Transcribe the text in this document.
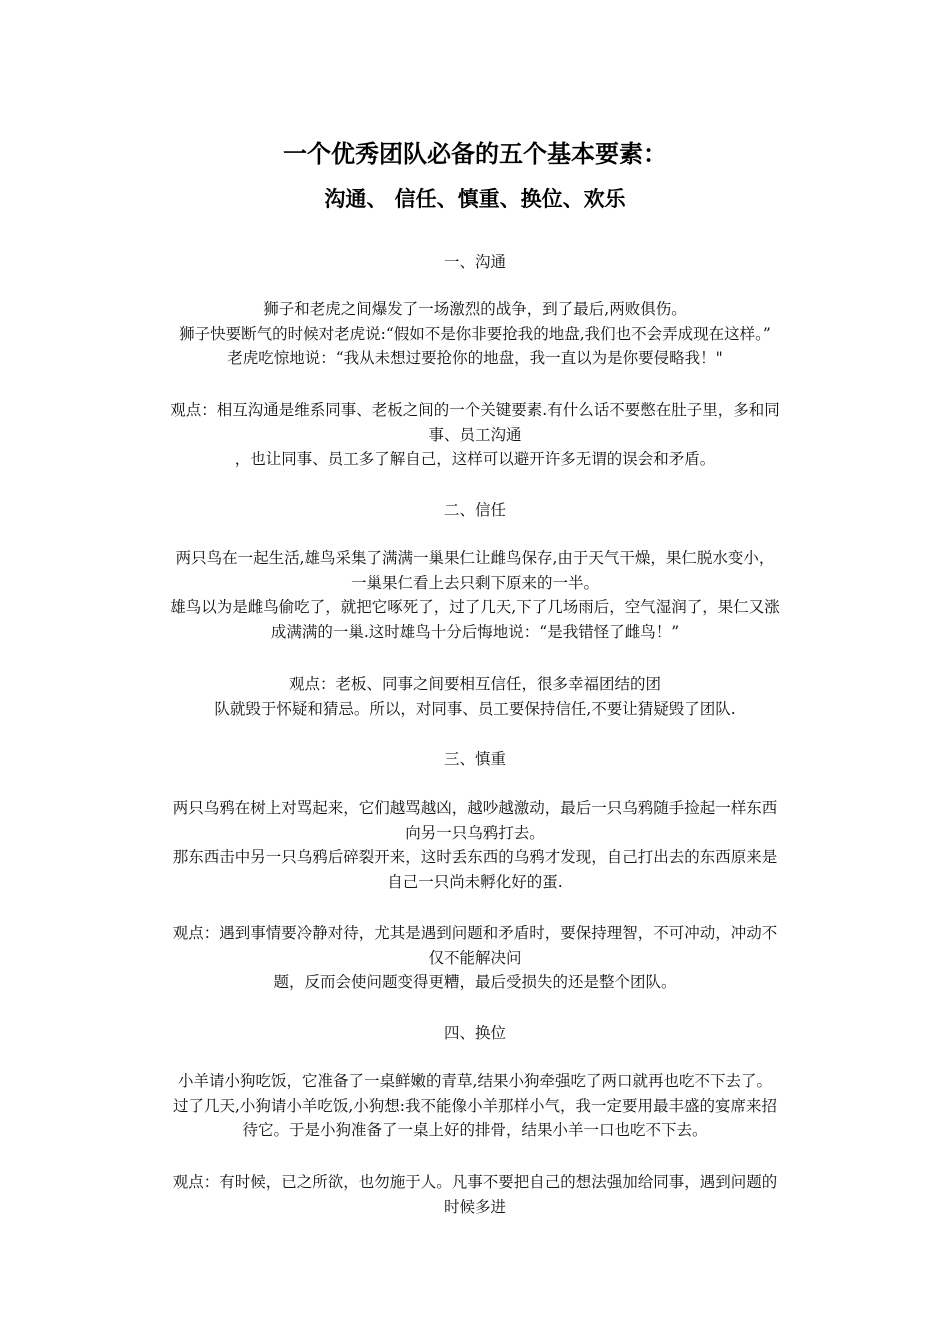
一个优秀团队必备的五个基本要素：
沟通、 信任、慎重、换位、欢乐
一、沟通
狮子和老虎之间爆发了一场激烈的战争，到了最后,两败俱伤。
狮子快要断气的时候对老虎说:“假如不是你非要抢我的地盘,我们也不会弄成现在这样。”
老虎吃惊地说：“我从未想过要抢你的地盘，我一直以为是你要侵略我！"
观点：相互沟通是维系同事、老板之间的一个关键要素.有什么话不要憋在肚子里，多和同
事、员工沟通
，也让同事、员工多了解自己，这样可以避开许多无谓的误会和矛盾。
二、信任
两只鸟在一起生活,雄鸟采集了满满一巢果仁让雌鸟保存,由于天气干燥，果仁脱水变小，
一巢果仁看上去只剩下原来的一半。
雄鸟以为是雌鸟偷吃了，就把它啄死了，过了几天,下了几场雨后，空气湿润了，果仁又涨
成满满的一巢.这时雄鸟十分后悔地说：“是我错怪了雌鸟！”
观点：老板、同事之间要相互信任，很多幸福团结的团
队就毁于怀疑和猜忌。所以，对同事、员工要保持信任,不要让猜疑毁了团队.
三、慎重
两只乌鸦在树上对骂起来，它们越骂越凶，越吵越激动，最后一只乌鸦随手捡起一样东西
向另一只乌鸦打去。
那东西击中另一只乌鸦后碎裂开来，这时丢东西的乌鸦才发现，自己打出去的东西原来是
自己一只尚未孵化好的蛋.
观点：遇到事情要冷静对待，尤其是遇到问题和矛盾时，要保持理智，不可冲动，冲动不
仅不能解决问
题，反而会使问题变得更糟，最后受损失的还是整个团队。
四、换位
小羊请小狗吃饭，它准备了一桌鲜嫩的青草,结果小狗牵强吃了两口就再也吃不下去了。
过了几天,小狗请小羊吃饭,小狗想:我不能像小羊那样小气，我一定要用最丰盛的宴席来招
待它。于是小狗准备了一桌上好的排骨，结果小羊一口也吃不下去。
观点：有时候，已之所欲，也勿施于人。凡事不要把自己的想法强加给同事，遇到问题的
时候多进
